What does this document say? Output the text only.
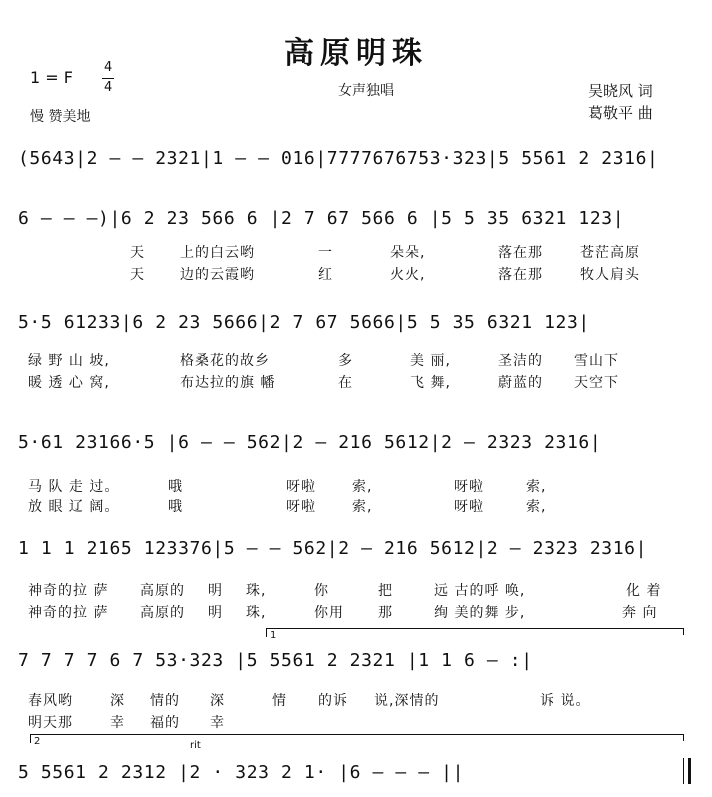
高原明珠
1 = F
4
4	女声独唱
慢 赞美地
吴晓风 词
葛敬平 曲
(5643|2 — — 2321|1 — — 016|7777676753·323|5 5561 2 2316|
6 — — —)|6 2 23 566 6 |2 7 67 566 6 |5 5 35 6321 123|
天	上的白云哟	一	朵朵,	落在那	苍茫高原
天	边的云霞哟	红	火火,	落在那	牧人肩头
5·5 61233|6 2 23 5666|2 7 67 5666|5 5 35 6321 123|
绿 野 山 坡,	格桑花的故乡	多	美 丽,	圣洁的 雪山下
暖 透 心 窝,	布达拉的旗 幡	在	飞 舞,	蔚蓝的 天空下
5·61 23166·5 |6 — — 562|2 — 216 5612|2 — 2323 2316|
马 队 走 过。	哦	呀啦	索,	呀啦	索,
放 眼 辽 阔。	哦	呀啦	索,	呀啦	索,
1 1 1 2165 123376|5 — — 562|2 — 216 5612|2 — 2323 2316|
神奇的拉 萨 高原的 明 珠,	你	把	远 古的呼 唤,	化 着
神奇的拉 萨 高原的 明 珠,	你用 那	绚 美的舞 步,	奔 向
1
7 7 7 7 6 7 53·323 |5 5561 2 2321 |1 1 6 — :|
春风哟	深 情的 深	情 的诉 说,深情的	诉 说。
明天那	幸 福的 幸
2	rit
5 5561 2 2312 |2 · 323 2 1· |6 — — — ||
